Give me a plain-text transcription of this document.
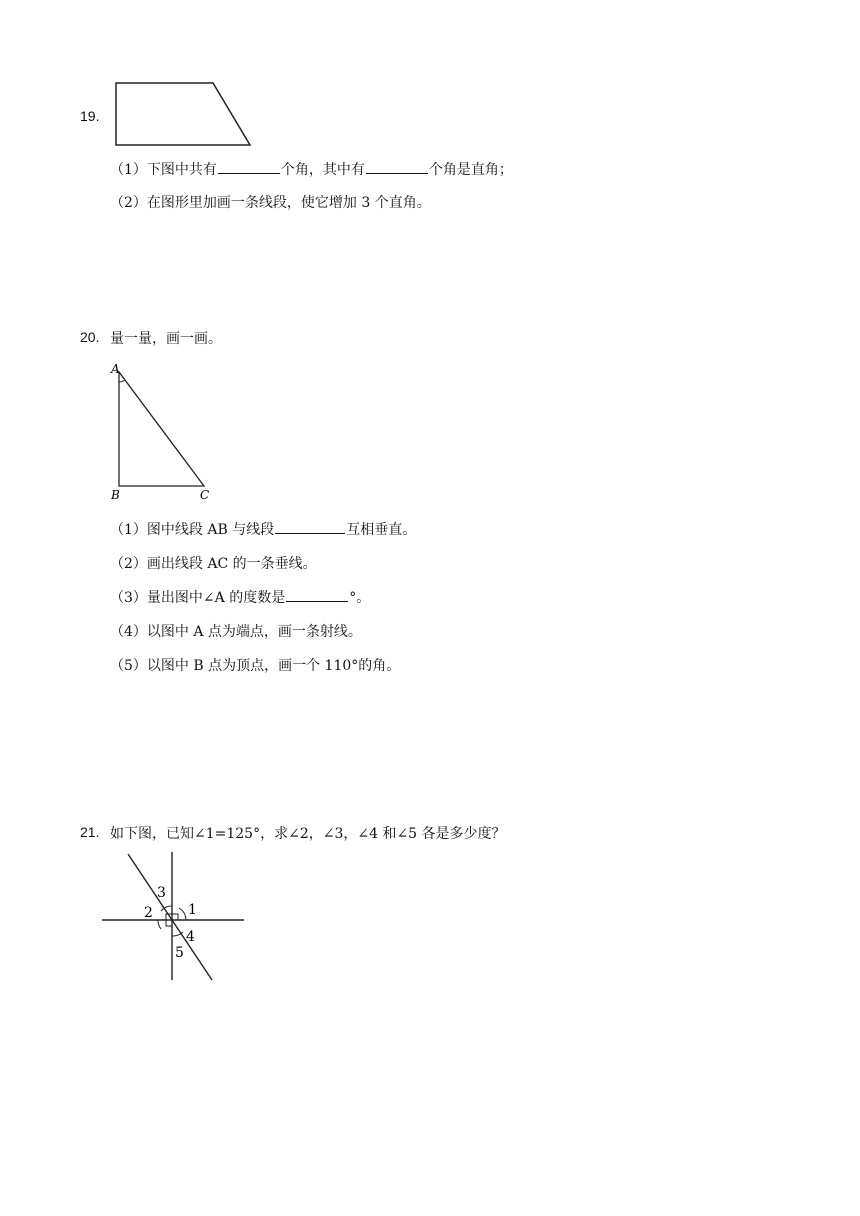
19.
（1）下图中共有	个角，其中有	个角是直角；
（2）在图形里加画一条线段，使它增加 3 个直角。
20. 量一量，画一画。
A
B	C
（1）图中线段 AB 与线段	互相垂直。
（2）画出线段 AC 的一条垂线。
（3）量出图中∠A 的度数是	°。
（4）以图中 A 点为端点，画一条射线。
（5）以图中 B 点为顶点，画一个 110°的角。
21. 如下图，已知∠1=125°，求∠2，∠3，∠4 和∠5 各是多少度？
1
2
3
4
5
